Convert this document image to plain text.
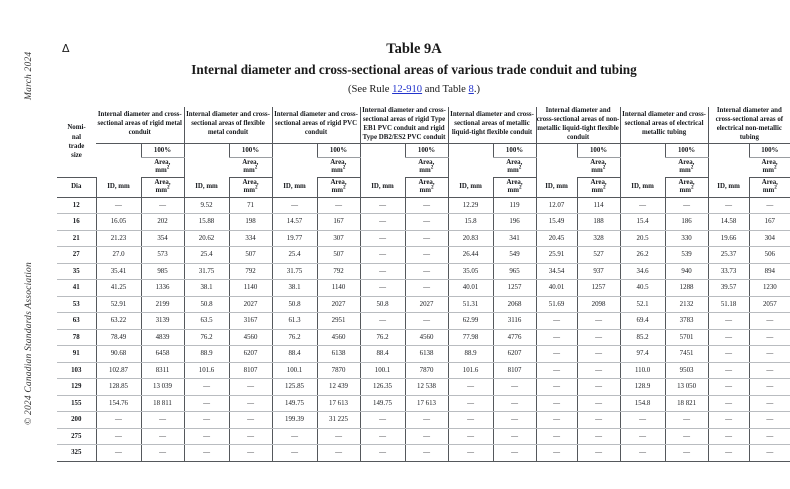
March 2024
© 2024 Canadian Standards Association
Δ	Table 9A
Internal diameter and cross-sectional areas of various trade conduit and tubing
(See Rule 12-910 and Table 8.)
Nomi-
nal
trade
size	Internal diameter and cross-sectional areas of rigid metal conduit		Internal diameter and cross-sectional areas of flexible metal conduit		Internal diameter and cross-sectional areas of rigid PVC conduit		Internal diameter and cross-sectional areas of rigid Type EB1 PVC conduit and rigid Type DB2/ES2 PVC conduit		Internal diameter and cross-sectional areas of metallic liquid-tight flexible conduit		Internal diameter and cross-sectional areas of non-metallic liquid-tight flexible conduit		Internal diameter and cross-sectional areas of electrical metallic tubing		Internal diameter and cross-sectional areas of electrical non-metallic tubing	
		100%		100%		100%		100%		100%		100%		100%		100%
		Area,
$mm^2$		Area,
$mm^2$		Area,
$mm^2$		Area,
$mm^2$		Area,
$mm^2$		Area,
$mm^2$		Area,
$mm^2$		Area,
$mm^2$
Dia	ID, mm	Area,
$mm^2$	ID, mm	Area,
$mm^2$	ID, mm	Area,
$mm^2$	ID, mm	Area,
$mm^2$	ID, mm	Area,
$mm^2$	ID, mm	Area,
$mm^2$	ID, mm	Area,
$mm^2$	ID, mm	Area,
$mm^2$
12	—	—	9.52	71	—	—	—	—	12.29	119	12.07	114	—	—	—	—
16	16.05	202	15.88	198	14.57	167	—	—	15.8	196	15.49	188	15.4	186	14.58	167
21	21.23	354	20.62	334	19.77	307	—	—	20.83	341	20.45	328	20.5	330	19.66	304
27	27.0	573	25.4	507	25.4	507	—	—	26.44	549	25.91	527	26.2	539	25.37	506
35	35.41	985	31.75	792	31.75	792	—	—	35.05	965	34.54	937	34.6	940	33.73	894
41	41.25	1336	38.1	1140	38.1	1140	—	—	40.01	1257	40.01	1257	40.5	1288	39.57	1230
53	52.91	2199	50.8	2027	50.8	2027	50.8	2027	51.31	2068	51.69	2098	52.1	2132	51.18	2057
63	63.22	3139	63.5	3167	61.3	2951	—	—	62.99	3116	—	—	69.4	3783	—	—
78	78.49	4839	76.2	4560	76.2	4560	76.2	4560	77.98	4776	—	—	85.2	5701	—	—
91	90.68	6458	88.9	6207	88.4	6138	88.4	6138	88.9	6207	—	—	97.4	7451	—	—
103	102.87	8311	101.6	8107	100.1	7870	100.1	7870	101.6	8107	—	—	110.0	9503	—	—
129	128.85	13 039	—	—	125.85	12 439	126.35	12 538	—	—	—	—	128.9	13 050	—	—
155	154.76	18 811	—	—	149.75	17 613	149.75	17 613	—	—	—	—	154.8	18 821	—	—
200	—	—	—	—	199.39	31 225	—	—	—	—	—	—	—	—	—	—
275	—	—	—	—	—	—	—	—	—	—	—	—	—	—	—	—
325	—	—	—	—	—	—	—	—	—	—	—	—	—	—	—	—
